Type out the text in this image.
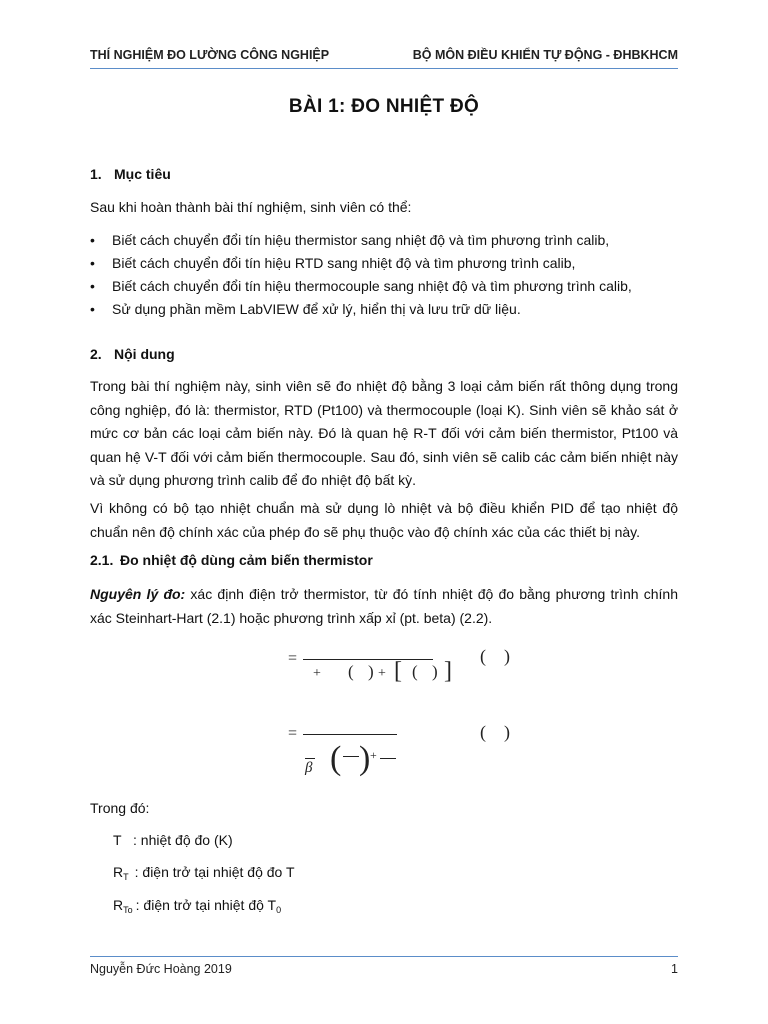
THÍ NGHIỆM ĐO LƯỜNG CÔNG NGHIỆP	BỘ MÔN ĐIỀU KHIỂN TỰ ĐỘNG - ĐHBKHCM
BÀI 1: ĐO NHIỆT ĐỘ
1. Mục tiêu
Sau khi hoàn thành bài thí nghiệm, sinh viên có thể:
• Biết cách chuyển đổi tín hiệu thermistor sang nhiệt độ và tìm phương trình calib,
• Biết cách chuyển đổi tín hiệu RTD sang nhiệt độ và tìm phương trình calib,
• Biết cách chuyển đổi tín hiệu thermocouple sang nhiệt độ và tìm phương trình calib,
• Sử dụng phần mềm LabVIEW để xử lý, hiển thị và lưu trữ dữ liệu.
2. Nội dung
Trong bài thí nghiệm này, sinh viên sẽ đo nhiệt độ bằng 3 loại cảm biến rất thông dụng trong công nghiệp, đó là: thermistor, RTD (Pt100) và thermocouple (loại K). Sinh viên sẽ khảo sát ở mức cơ bản các loại cảm biến này. Đó là quan hệ R-T đối với cảm biến thermistor, Pt100 và quan hệ V-T đối với cảm biến thermocouple. Sau đó, sinh viên sẽ calib các cảm biến nhiệt này và sử dụng phương trình calib để đo nhiệt độ bất kỳ.
Vì không có bộ tạo nhiệt chuẩn mà sử dụng lò nhiệt và bộ điều khiển PID để tạo nhiệt độ chuẩn nên độ chính xác của phép đo sẽ phụ thuộc vào độ chính xác của các thiết bị này.
2.1. Đo nhiệt độ dùng cảm biến thermistor
Nguyên lý đo: xác định điện trở thermistor, từ đó tính nhiệt độ đo bằng phương trình chính xác Steinhart-Hart (2.1) hoặc phương trình xấp xỉ (pt. beta) (2.2).
=
+ ( ) + [ ( ) ]
(    )
=
β ( ) +
(    )
Trong đó:
T : nhiệt độ đo (K)
$R_T$ : điện trở tại nhiệt độ đo T
$R_{To}$ : điện trở tại nhiệt độ $T_0$
Nguyễn Đức Hoàng 2019	1
